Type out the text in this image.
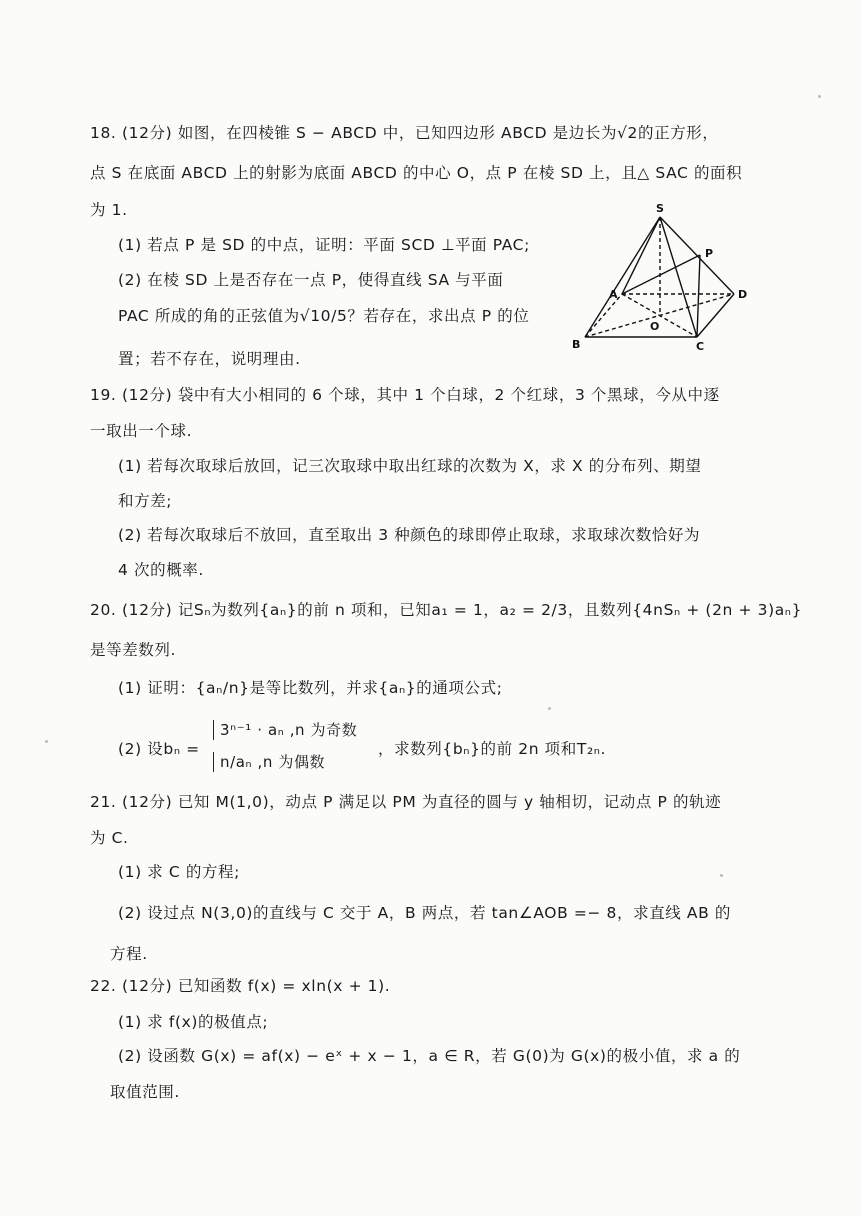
18. (12分) 如图，在四棱锥 S − ABCD 中，已知四边形 ABCD 是边长为√2的正方形，
点 S 在底面 ABCD 上的射影为底面 ABCD 的中心 O，点 P 在棱 SD 上，且△ SAC 的面积
为 1.
(1) 若点 P 是 SD 的中点，证明：平面 SCD ⊥平面 PAC;
(2) 在棱 SD 上是否存在一点 P，使得直线 SA 与平面
PAC 所成的角的正弦值为√10/5？若存在，求出点 P 的位
置；若不存在，说明理由.
S
P
A	D
O
B	C
19. (12分) 袋中有大小相同的 6 个球，其中 1 个白球，2 个红球，3 个黑球，今从中逐
一取出一个球.
(1) 若每次取球后放回，记三次取球中取出红球的次数为 X，求 X 的分布列、期望
和方差;
(2) 若每次取球后不放回，直至取出 3 种颜色的球即停止取球，求取球次数恰好为
4 次的概率.
20. (12分) 记Sₙ为数列{aₙ}的前 n 项和，已知a₁ = 1，a₂ = 2/3，且数列{4nSₙ + (2n + 3)aₙ}
是等差数列.
(1) 证明：{aₙ/n}是等比数列，并求{aₙ}的通项公式;
(2) 设bₙ =
3ⁿ⁻¹ · aₙ ,n 为奇数
n/aₙ ,n 为偶数
，求数列{bₙ}的前 2n 项和T₂ₙ.
21. (12分) 已知 M(1,0)，动点 P 满足以 PM 为直径的圆与 y 轴相切，记动点 P 的轨迹
为 C.
(1) 求 C 的方程;
(2) 设过点 N(3,0)的直线与 C 交于 A，B 两点，若 tan∠AOB =− 8，求直线 AB 的
方程.
22. (12分) 已知函数 f(x) = xln(x + 1).
(1) 求 f(x)的极值点;
(2) 设函数 G(x) = af(x) − eˣ + x − 1，a ∈ R，若 G(0)为 G(x)的极小值，求 a 的
取值范围.
